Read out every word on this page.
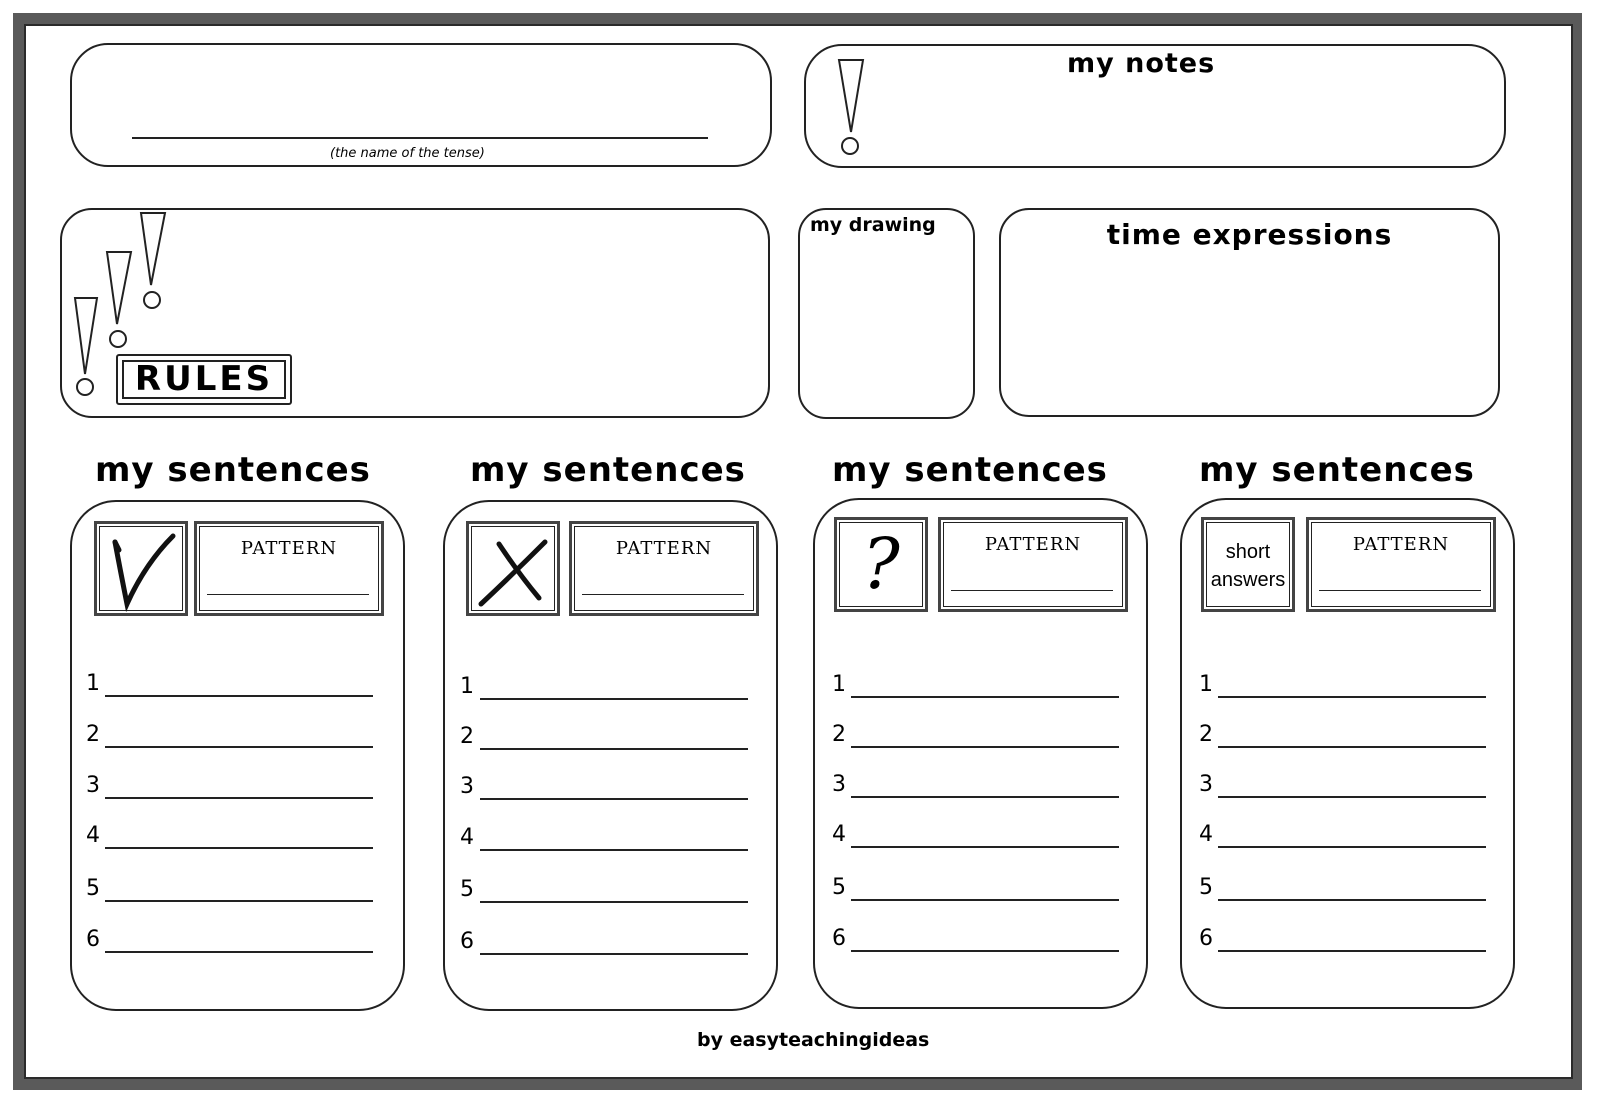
(the name of the tense)
my notes
RULES
my drawing	time expressions
my sentences
PATTERN
1
2
3
4
5
6
my sentences
PATTERN
1
2
3
4
5
6
my sentences
?	PATTERN
1
2
3
4
5
6
my sentences
short
answers
PATTERN
1
2
3
4
5
6
by easyteachingideas
